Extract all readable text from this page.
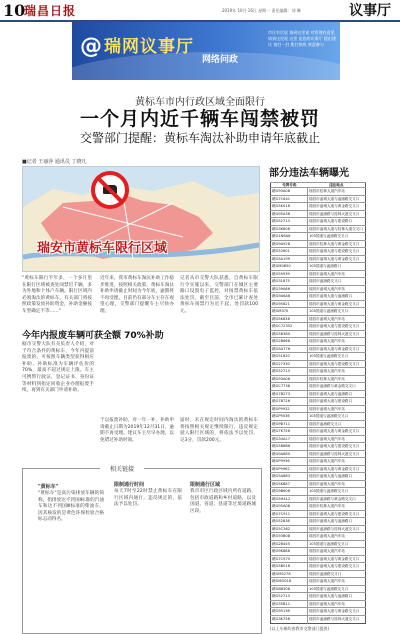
10
瑞昌日报	2019年 10月 16日 星期一 责任编辑：刘 琳	议事厅
@ 瑞网议事厅
网络问政
市民有话说 请到这里说 对管理有意见 请到这里说 这里 是您的议事厅 提出建议 请扫一扫 拨打热线 欢迎参与
黄标车市内行政区域全面限行
一个月内近千辆车闯禁被罚
交警部门提醒：黄标车淘汰补助申请年底截止
■记者 王丽萍 通讯员 丁晓凡
瑞安市黄标车限行区域
"黄标车限行半年多，一个多月里在限行区域被查处闯禁近千辆，多为外地和个体户车辆。限行区域内必须淘汰的黄标车，有关部门将按照政策发放补助资金，补助金额按车型确定不等……"
近年来，我市黄标车淘汰补助工作稳步推进，按照相关政策，黄标车淘汰补助申请截止时间为今年底，逾期将不再受理。目前仍有部分车主存在观望心理，交警部门提醒车主尽快办理。
记者从市交警大队获悉，自黄标车限行令实施以来，交警部门在城区主要路口设置电子监控，对闯禁黄标车依法处罚。截至目前，全市已累计查处黄标车闯禁行为近千起，处罚款100元。
今年内报废车辆可获全额 70%补助
据市交警大队有关负责人介绍，对于符合条件的黄标车，今年内提前报废的，可按照车辆类型获得相应补助，补助标准为车辆评估价的70%，最高不超过规定上限。车主可携带行驶证、登记证书、身份证等材料到指定回收企业办理报废手续，再到有关部门申请补助。
于以报废补助，对一年一补，补助申请截止日期为2019年12月31日，逾期不再受理。建议车主尽早办理，以免错过补助时间。
届时，未在规定时间内淘汰的黄标车将按照相关规定继续限行，违反规定驶入限行区域的，将依法予以处罚，记3分，罚款200元。
相关链接
"黄标车"
"黄标车"是高污染排放车辆的简称，指排放达不到国Ⅰ标准的汽油车和达不到国Ⅲ标准的柴油车，因其核发的是黄色环保检验合格标志而得名。
限制通行时间
每天7时至22时禁止黄标车在限行区域内通行。违反规定的，依法予以处罚。
限制通行区域
我市市区行政区域内所有道路，包括市政道路和乡村道路，以及国道、省道、县道等过境道路城区段。
部分违法车辆曝光
号牌号码	违法地点
赣G93A08	瑞昌市桂林大道汽车站
赣G7C641	瑞昌市湓城大道与湓浦路交叉口
赣G5K018	瑞昌市湓城大道与黄金路交叉口
赣G95A38	瑞昌市湓浦路与桂林大道交叉口
赣G52713	瑞昌市湓城大道与建设路口
赣G3K808	瑞昌市湓城大道与桂林大道交叉口
赣G1N6A6	105国道与湓浦路交叉口
赣G9A928	瑞昌市桂林大道与黄金路交叉口
赣G52601	瑞昌市湓城大道与建设路交叉口
赣G5A199	瑞昌市湓城大道与黄金路交叉口
赣GM0850	105国道与湓浦路口
赣G59939	瑞昌市湓城大道汽车站
赣G31875	瑞昌市湓浦路交叉口
赣G39A66	瑞昌市湓城大道汽车站
赣G9A6A8	瑞昌市湓城大道与湓浦路口
赣G95821	瑞昌市湓城大道与黄金路交叉口
赣GM370	105国道与湓浦路交叉口
赣G5K838	瑞昌市湓城大道汽车站
赣GC72352	瑞昌市湓城大道与建设路交叉口
赣G5B380	瑞昌市湓浦路与桂林大道交叉口
赣G2B668	瑞昌市湓城大道汽车站
赣G5A776	瑞昌市湓城大道与黄金路交叉口
赣G51820	105国道与湓浦路交叉口
赣G27330	瑞昌市湓城大道与建设路交叉口
赣G52713	瑞昌市湓城大道汽车站
赣G93A06	瑞昌市桂林大道汽车站
赣GC7758	瑞昌市湓浦路与黄金路交叉口
赣G7B273	瑞昌市湓城大道与湓浦路口
赣G7B726	瑞昌市湓城大道与建设路口
赣GP9932	瑞昌市湓城大道汽车站
赣GP9036	105国道与湓浦路交叉口
赣G9B711	瑞昌市湓浦路交叉口
赣G7K758	瑞昌市湓城大道与黄金路交叉口
赣G34A17	瑞昌市湓城大道汽车站
赣G5B8B6	瑞昌市湓城大道与建设路交叉口
赣G9A680	瑞昌市湓浦路与桂林大道交叉口
赣GP9936	瑞昌市湓城大道汽车站
赣GP9962	瑞昌市湓城大道与黄金路交叉口
赣G5A883	瑞昌市湓城大道与湓浦路口
赣G5K887	瑞昌市湓城大道汽车站
赣G9B606	105国道与湓浦路交叉口
赣G5H412	瑞昌市湓浦路与黄金路交叉口
赣G95A08	瑞昌市桂林大道汽车站
赣G7C911	瑞昌市湓城大道与建设路交叉口
赣G52838	瑞昌市湓城大道与湓浦路口
赣G5C362	瑞昌市湓浦路与桂林大道交叉口
赣G93B08	瑞昌市湓城大道汽车站
赣G2B445	105国道与湓浦路交叉口
赣G9K888	瑞昌市湓城大道汽车站
赣G7C975	瑞昌市湓城大道与黄金路交叉口
赣G5B018	瑞昌市湓城大道与建设路交叉口
赣GM5278	瑞昌市湓浦路交叉口
赣GMO018	瑞昌市湓城大道汽车站
赣GB8308	105国道与湓浦路交叉口
赣G52713	瑞昌市湓城大道与湓浦路口
赣G35B11	瑞昌市湓城大道汽车站
赣G95138	瑞昌市湓城大道与黄金路交叉口
赣G3K758	瑞昌市湓浦路与桂林大道交叉口
(以上车辆均由我市交警部门提供)
